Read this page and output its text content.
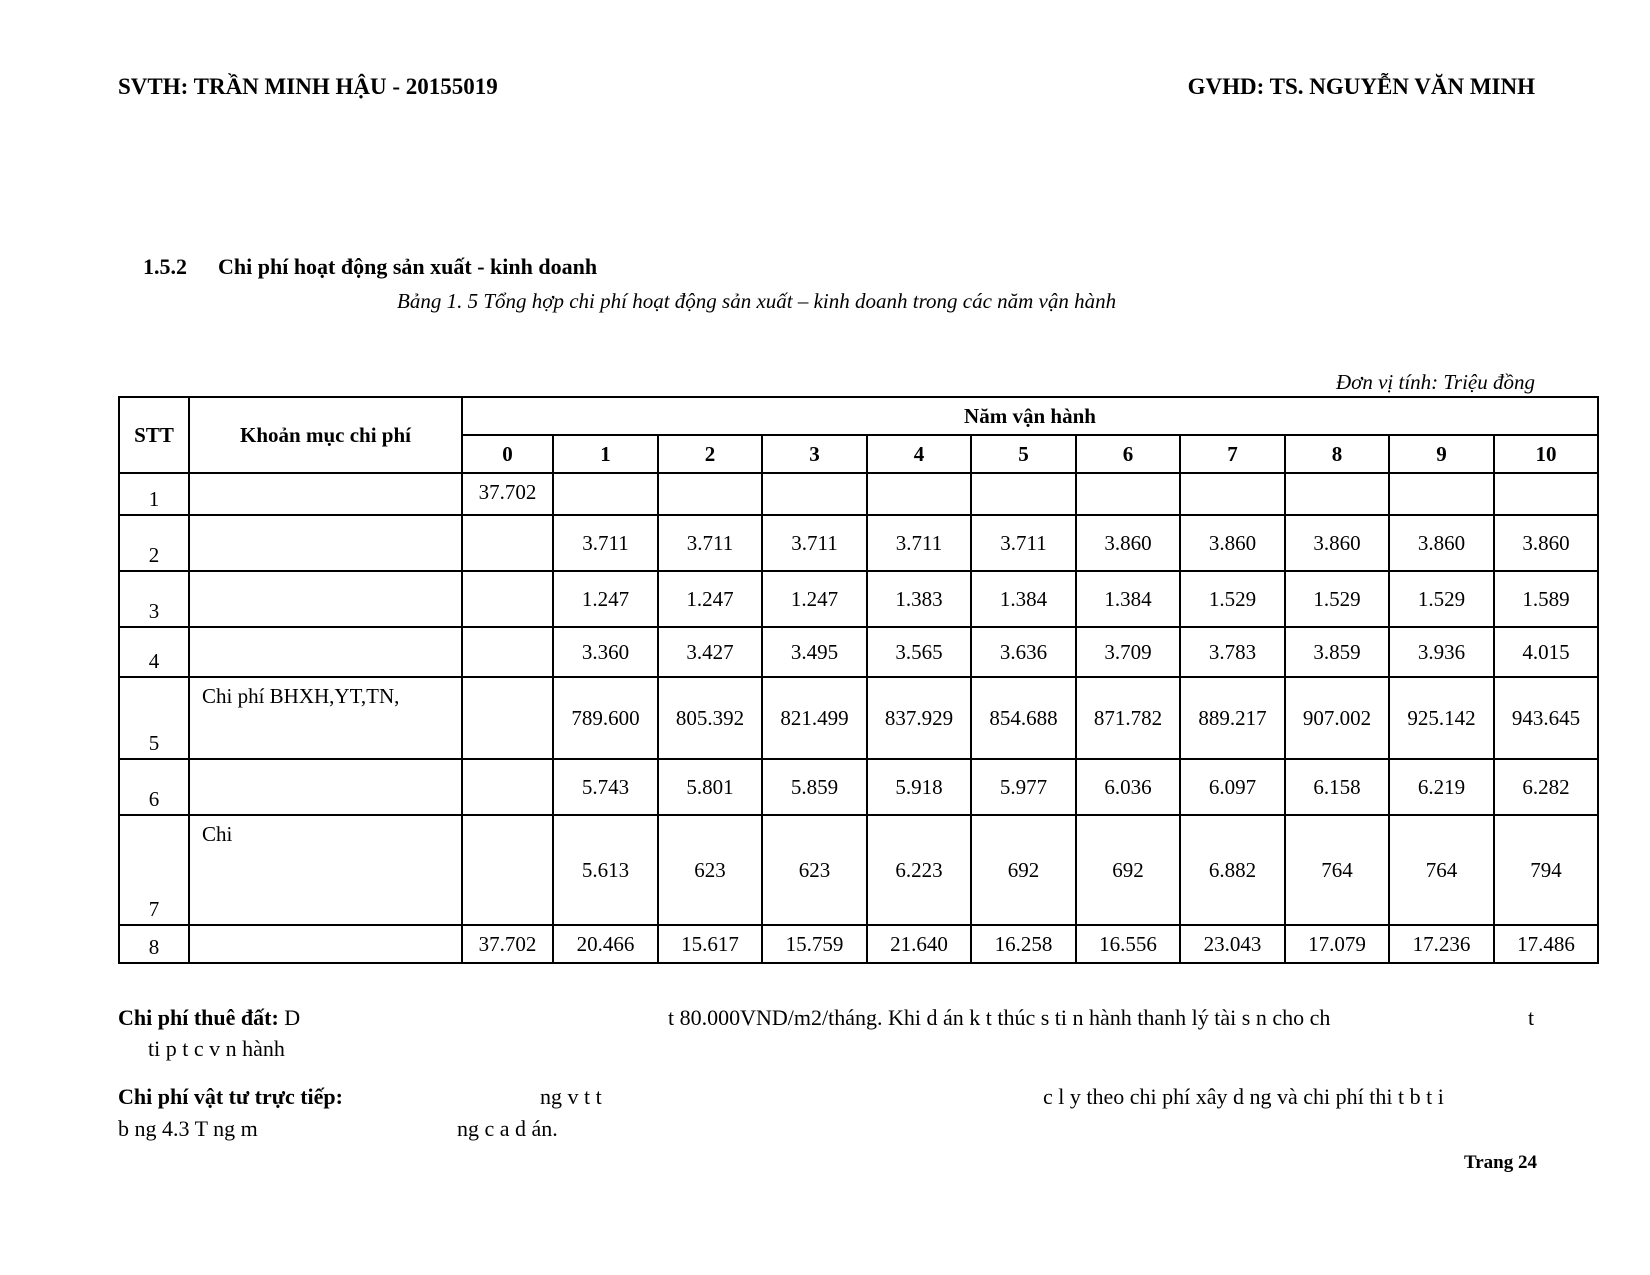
SVTH: TRẦN MINH HẬU - 20155019	GVHD: TS. NGUYỄN VĂN MINH
1.5.2 Chi phí hoạt động sản xuất - kinh doanh
Bảng 1. 5 Tổng hợp chi phí hoạt động sản xuất – kinh doanh trong các năm vận hành
Đơn vị tính: Triệu đồng
STT	Khoản mục chi phí	Năm vận hành										
		0	1	2	3	4	5	6	7	8	9	10
1		37.702										
2			3.711	3.711	3.711	3.711	3.711	3.860	3.860	3.860	3.860	3.860
3			1.247	1.247	1.247	1.383	1.384	1.384	1.529	1.529	1.529	1.589
4			3.360	3.427	3.495	3.565	3.636	3.709	3.783	3.859	3.936	4.015
5	Chi phí BHXH,YT,TN,		789.600	805.392	821.499	837.929	854.688	871.782	889.217	907.002	925.142	943.645
6			5.743	5.801	5.859	5.918	5.977	6.036	6.097	6.158	6.219	6.282
7	Chi		5.613	623	623	6.223	692	692	6.882	764	764	794
8		37.702	20.466	15.617	15.759	21.640	16.258	16.556	23.043	17.079	17.236	17.486
Chi phí thuê đất: D	t 80.000VND/m2/tháng. Khi d án k t thúc s ti n hành thanh lý tài s n cho ch	t
ti p t c v n hành
Chi phí vật tư trực tiếp:	ng v t t	c l y theo chi phí xây d ng và chi phí thi t b t i
b ng 4.3 T ng m	ng c a d án.
Trang 24
